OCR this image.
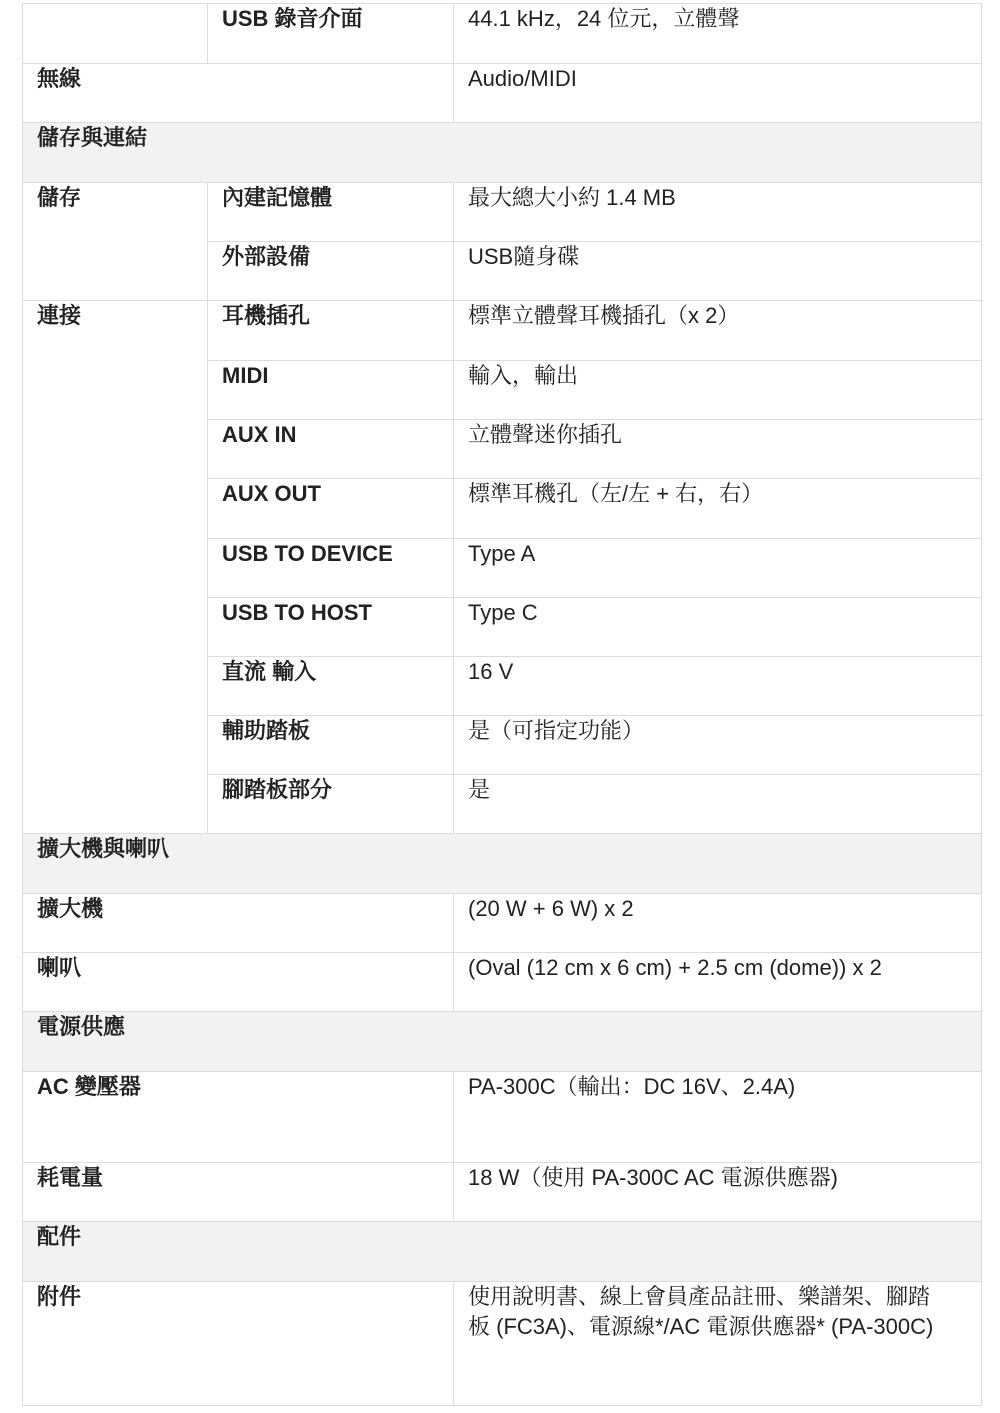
	USB 錄音介面	44.1 kHz，24 位元，立體聲
無線		Audio/MIDI
儲存與連結		
儲存	內建記憶體	最大總大小約 1.4 MB
	外部設備	USB隨身碟
連接	耳機插孔	標準立體聲耳機插孔（x 2）
	MIDI	輸入，輸出
	AUX IN	立體聲迷你插孔
	AUX OUT	標準耳機孔（左/左 + 右，右）
	USB TO DEVICE	Type A
	USB TO HOST	Type C
	直流 輸入	16 V
	輔助踏板	是（可指定功能）
	腳踏板部分	是
擴大機與喇叭		
擴大機		(20 W + 6 W) x 2
喇叭		(Oval (12 cm x 6 cm) + 2.5 cm (dome)) x 2
電源供應		
AC 變壓器		PA-300C（輸出：DC 16V、2.4A)
耗電量		18 W（使用 PA-300C AC 電源供應器)
配件		
附件		使用說明書、線上會員產品註冊、樂譜架、腳踏
板 (FC3A)、電源線*/AC 電源供應器* (PA-300C)
